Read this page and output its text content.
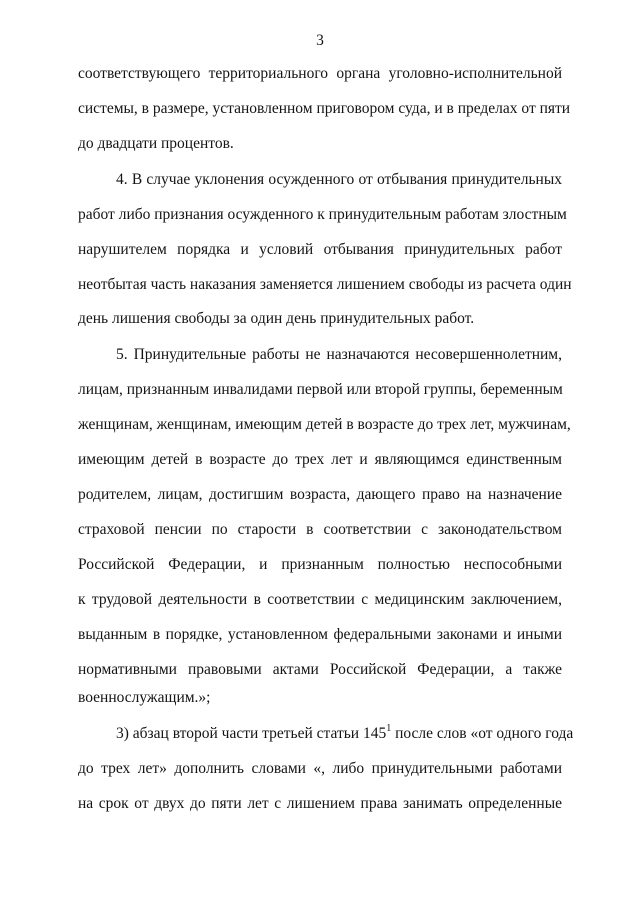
3
соответствующего территориального органа уголовно-исполнительной
системы, в размере, установленном приговором суда, и в пределах от пяти
до двадцати процентов.
4. В случае уклонения осужденного от отбывания принудительных
работ либо признания осужденного к принудительным работам злостным
нарушителем порядка и условий отбывания принудительных работ
неотбытая часть наказания заменяется лишением свободы из расчета один
день лишения свободы за один день принудительных работ.
5. Принудительные работы не назначаются несовершеннолетним,
лицам, признанным инвалидами первой или второй группы, беременным
женщинам, женщинам, имеющим детей в возрасте до трех лет, мужчинам,
имеющим детей в возрасте до трех лет и являющимся единственным
родителем, лицам, достигшим возраста, дающего право на назначение
страховой пенсии по старости в соответствии с законодательством
Российской Федерации, и признанным полностью неспособными
к трудовой деятельности в соответствии с медицинским заключением,
выданным в порядке, установленном федеральными законами и иными
нормативными правовыми актами Российской Федерации, а также
военнослужащим.»;
3) абзац второй части третьей статьи $145^1$ после слов «от одного года
до трех лет» дополнить словами «, либо принудительными работами
на срок от двух до пяти лет с лишением права занимать определенные
